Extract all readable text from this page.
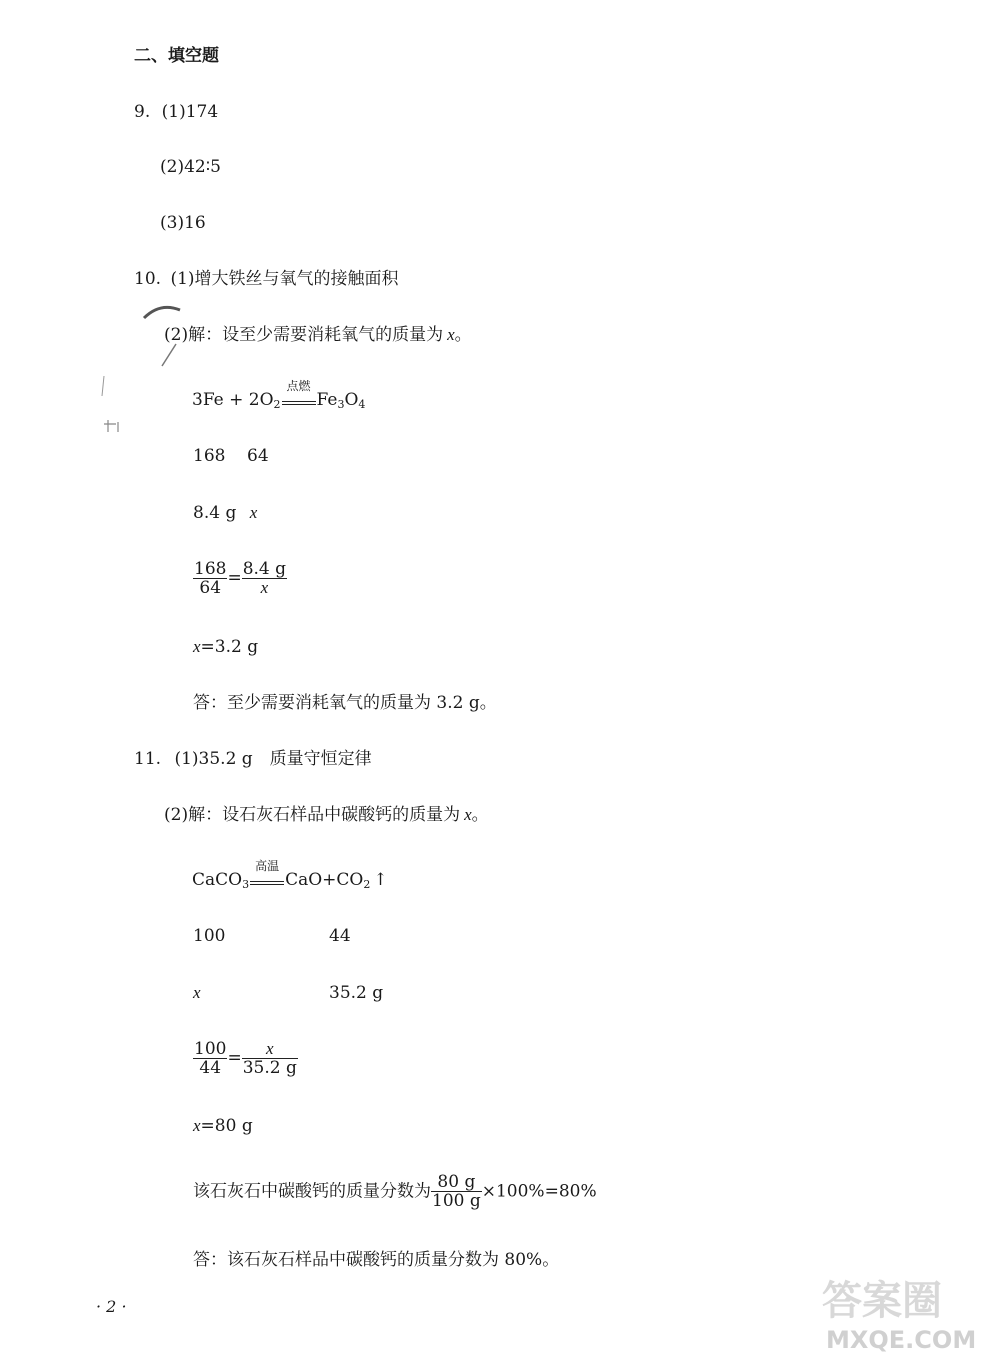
二、填空题
9. (1)174
(2)42∶5
(3)16
10. (1)增大铁丝与氧气的接触面积
(2)解：设至少需要消耗氧气的质量为 x。
$3Fe + 2O_2$
点燃
$Fe_3O_4$
168 64
8.4 g x
$\frac{168}{64} = \frac{8.4 g}{x}$
x=3.2 g
答：至少需要消耗氧气的质量为 3.2 g。
11. (1)35.2 g　质量守恒定律
(2)解：设石灰石样品中碳酸钙的质量为 x。
CaCO$_3$
高温
$CaO+CO_2$ ↑
100	44
x	35.2 g
$\frac{100}{44} = \frac{x}{35.2 g}$
x=80 g
该石灰石中碳酸钙的质量分数为 $\frac{80 g}{100 g} \times 100\%=80\%$
答：该石灰石样品中碳酸钙的质量分数为 80%。
· 2 ·	答案圈
MXQE.COM
